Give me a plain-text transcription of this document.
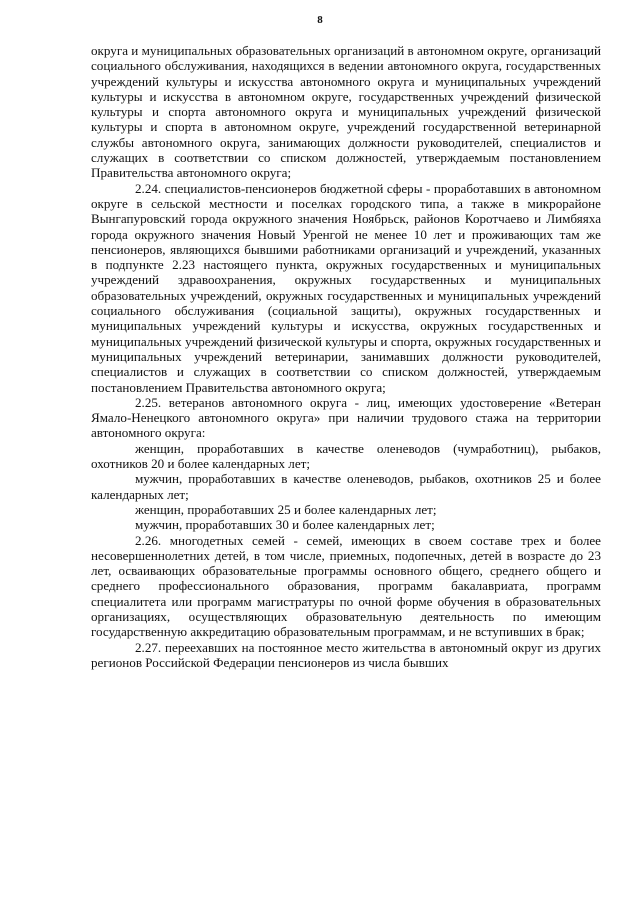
8

округа и муниципальных образовательных организаций в автономном округе, организаций социального обслуживания, находящихся в ведении автономного округа, государственных учреждений культуры и искусства автономного округа и муниципальных учреждений культуры и искусства в автономном округе, государственных учреждений физической культуры и спорта автономного округа и муниципальных учреждений физической культуры и спорта в автономном округе, учреждений государственной ветеринарной службы автономного округа, занимающих должности руководителей, специалистов и служащих в соответствии со списком должностей, утверждаемым постановлением Правительства автономного округа;

2.24. специалистов-пенсионеров бюджетной сферы - проработавших в автономном округе в сельской местности и поселках городского типа, а также в микрорайоне Вынгапуровский города окружного значения Ноябрьск, районов Коротчаево и Лимбяяха города окружного значения Новый Уренгой не менее 10 лет и проживающих там же пенсионеров, являющихся бывшими работниками организаций и учреждений, указанных в подпункте 2.23 настоящего пункта, окружных государственных и муниципальных учреждений здравоохранения, окружных государственных и муниципальных образовательных учреждений, окружных государственных и муниципальных учреждений социального обслуживания (социальной защиты), окружных государственных и муниципальных учреждений культуры и искусства, окружных государственных и муниципальных учреждений физической культуры и спорта, окружных государственных и муниципальных учреждений ветеринарии, занимавших должности руководителей, специалистов и служащих в соответствии со списком должностей, утверждаемым постановлением Правительства автономного округа;

2.25. ветеранов автономного округа - лиц, имеющих удостоверение «Ветеран Ямало-Ненецкого автономного округа» при наличии трудового стажа на территории автономного округа:

женщин, проработавших в качестве оленеводов (чумработниц), рыбаков, охотников 20 и более календарных лет;

мужчин, проработавших в качестве оленеводов, рыбаков, охотников 25 и более календарных лет;

женщин, проработавших 25 и более календарных лет;

мужчин, проработавших 30 и более календарных лет;

2.26. многодетных семей - семей, имеющих в своем составе трех и более несовершеннолетних детей, в том числе, приемных, подопечных, детей в возрасте до 23 лет, осваивающих образовательные программы основного общего, среднего общего и среднего профессионального образования, программ бакалавриата, программ специалитета или программ магистратуры по очной форме обучения в образовательных организациях, осуществляющих образовательную деятельность по имеющим государственную аккредитацию образовательным программам, и не вступивших в брак;

2.27. переехавших на постоянное место жительства в автономный округ из других регионов Российской Федерации пенсионеров из числа бывших
